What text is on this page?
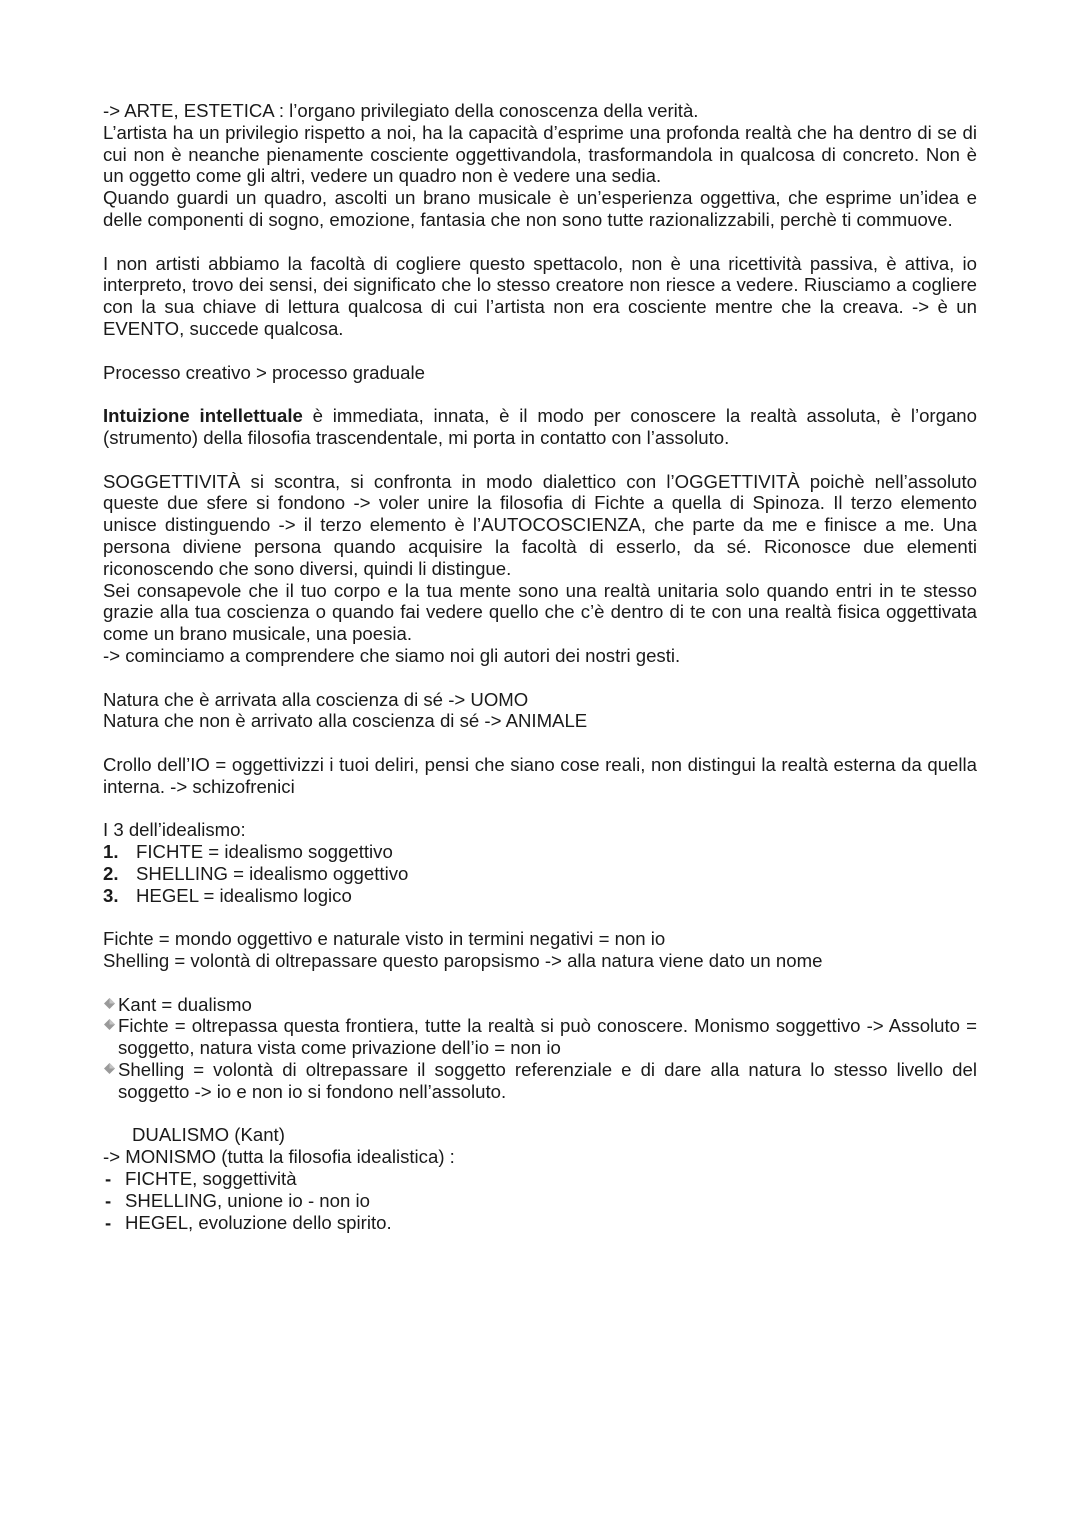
-> ARTE, ESTETICA : l’organo privilegiato della conoscenza della verità.

L’artista ha un privilegio rispetto a noi, ha la capacità d’esprime una profonda realtà che ha dentro di se di cui non è neanche pienamente cosciente oggettivandola, trasformandola in qualcosa di concreto. Non è un oggetto come gli altri, vedere un quadro non è vedere una sedia.

Quando guardi un quadro, ascolti un brano musicale è un’esperienza oggettiva, che esprime un’idea e delle componenti di sogno, emozione, fantasia che non sono tutte razionalizzabili, perchè ti commuove.

I non artisti abbiamo la facoltà di cogliere questo spettacolo, non è una ricettività passiva, è attiva, io interpreto, trovo dei sensi, dei significato che lo stesso creatore non riesce a vedere. Riusciamo a cogliere con la sua chiave di lettura qualcosa di cui l’artista non era cosciente mentre che la creava. -> è un EVENTO, succede qualcosa.

Processo creativo > processo graduale

Intuizione intellettuale è immediata, innata, è il modo per conoscere la realtà assoluta, è l’organo (strumento) della filosofia trascendentale, mi porta in contatto con l’assoluto.

SOGGETTIVITÀ si scontra, si confronta in modo dialettico con l’OGGETTIVITÀ poichè nell’assoluto queste due sfere si fondono -> voler unire la filosofia di Fichte a quella di Spinoza. Il terzo elemento unisce distinguendo -> il terzo elemento è l’AUTOCOSCIENZA, che parte da me e finisce a me. Una persona diviene persona quando acquisire la facoltà di esserlo, da sé. Riconosce due elementi riconoscendo che sono diversi, quindi li distingue.

Sei consapevole che il tuo corpo e la tua mente sono una realtà unitaria solo quando entri in te stesso grazie alla tua coscienza o quando fai vedere quello che c’è dentro di te con una realtà fisica oggettivata come un brano musicale, una poesia.

-> cominciamo a comprendere che siamo noi gli autori dei nostri gesti.

Natura che è arrivata alla coscienza di sé -> UOMO

Natura che non è arrivato alla coscienza di sé -> ANIMALE

Crollo dell’IO = oggettivizzi i tuoi deliri, pensi che siano cose reali, non distingui la realtà esterna da quella interna. -> schizofrenici

I 3 dell’idealismo:

1. FICHTE = idealismo soggettivo
2. SHELLING = idealismo oggettivo
3. HEGEL = idealismo logico

Fichte = mondo oggettivo e naturale visto in termini negativi = non io

Shelling = volontà di oltrepassare questo paropsismo -> alla natura viene dato un nome

Kant = dualismo
Fichte = oltrepassa questa frontiera, tutte la realtà si può conoscere. Monismo soggettivo -> Assoluto = soggetto, natura vista come privazione dell’io = non io
Shelling = volontà di oltrepassare il soggetto referenziale e di dare alla natura lo stesso livello del soggetto -> io e non io si fondono nell’assoluto.

DUALISMO (Kant)

-> MONISMO (tutta la filosofia idealistica) :

- FICHTE, soggettività
- SHELLING, unione io - non io
- HEGEL, evoluzione dello spirito.
